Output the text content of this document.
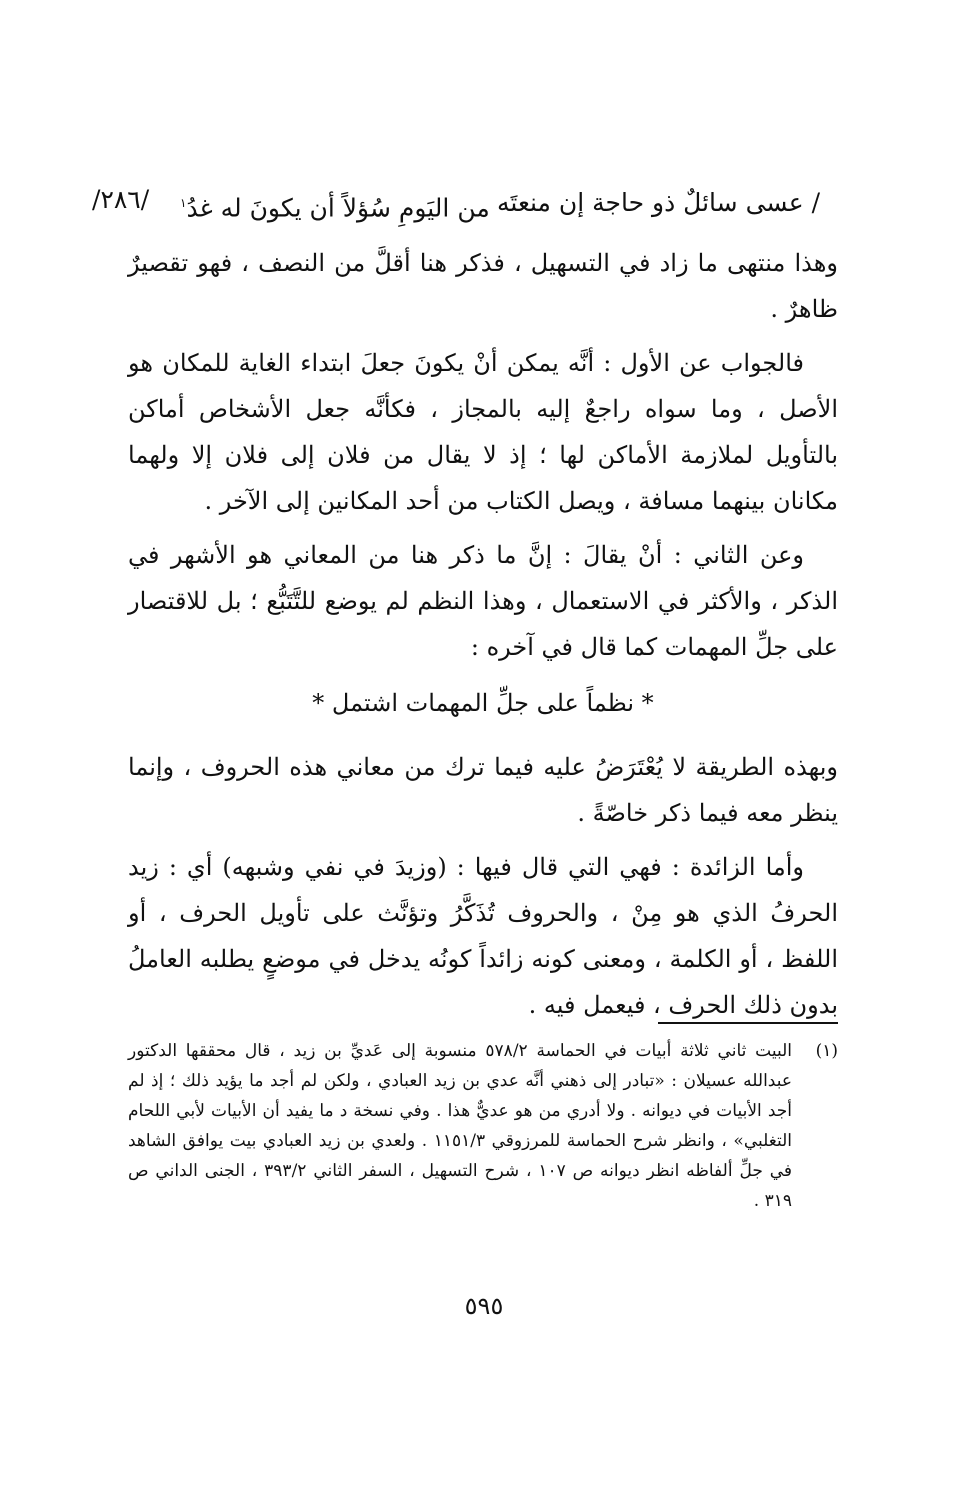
/٢٨٦/	/ عسى سائلٌ ذو حاجة إن منعتَه
من اليَومِ سُؤلاً أن يكونَ له غدُ$^١$

وهذا منتهى ما زاد في التسهيل ، فذكر هنا أقلَّ من النصف ، فهو تقصيرٌ ظاهرٌ .

فالجواب عن الأول : أنَّه يمكن أنْ يكونَ جعلَ ابتداء الغاية للمكان هو الأصل ، وما سواه راجعٌ إليه بالمجاز ، فكأنَّه جعل الأشخاص أماكن بالتأويل لملازمة الأماكن لها ؛ إذ لا يقال من فلان إلى فلان إلا ولهما مكانان بينهما مسافة ، ويصل الكتاب من أحد المكانين إلى الآخر .

وعن الثاني : أنْ يقالَ : إنَّ ما ذكر هنا من المعاني هو الأشهر في الذكر ، والأكثر في الاستعمال ، وهذا النظم لم يوضع للتَّتَبُّع ؛ بل للاقتصار على جلِّ المهمات كما قال في آخره :

* نظماً على جلِّ المهمات اشتمل *

وبهذه الطريقة لا يُعْتَرَضُ عليه فيما ترك من معاني هذه الحروف ، وإنما ينظر معه فيما ذكر خاصّةً .

وأما الزائدة : فهي التي قال فيها : (وزيدَ في نفي وشبهه) أي : زيد الحرفُ الذي هو مِنْ ، والحروف تُذَكَّرُ وتؤنَّث على تأويل الحرف ، أو اللفظ ، أو الكلمة ، ومعنى كونه زائداً كونُه يدخل في موضعٍ يطلبه العاملُ بدون ذلك الحرف ، فيعمل فيه .

(١)
البيت ثاني ثلاثة أبيات في الحماسة ٥٧٨/٢ منسوبة إلى عَديِّ بن زيد ، قال محققها الدكتور عبدالله عسيلان : «تبادر إلى ذهني أنَّه عدي بن زيد العبادي ، ولكن لم أجد ما يؤيد ذلك ؛ إذ لم أجد الأبيات في ديوانه . ولا أدري من هو عديٌّ هذا . وفي نسخة د ما يفيد أن الأبيات لأبي اللحام التغلبي» ، وانظر شرح الحماسة للمرزوقي ١١٥١/٣ . ولعدي بن زيد العبادي بيت يوافق الشاهد في جلِّ ألفاظه انظر ديوانه ص ١٠٧ ، شرح التسهيل ، السفر الثاني ٣٩٣/٢ ، الجنى الداني ص ٣١٩ .
٥٩٥
